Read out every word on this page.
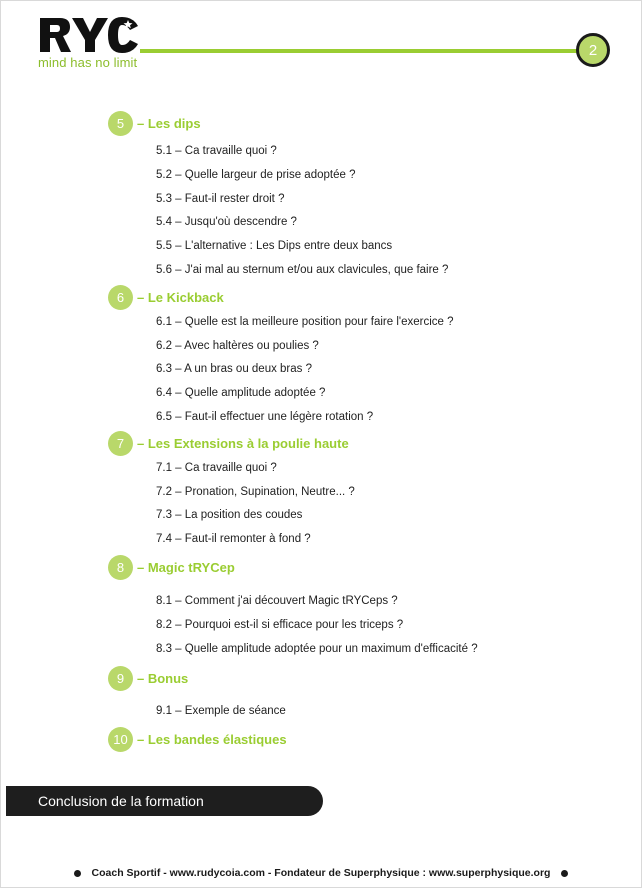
mind has no limit
2
5 – Les dips
5.1 – Ca travaille quoi ?
5.2 – Quelle largeur de prise adoptée ?
5.3 – Faut-il rester droit ?
5.4 – Jusqu'où descendre ?
5.5 – L'alternative : Les Dips entre deux bancs
5.6 – J'ai mal au sternum et/ou aux clavicules, que faire ?
6 – Le Kickback
6.1 – Quelle est la meilleure position pour faire l'exercice ?
6.2 – Avec haltères ou poulies ?
6.3 – A un bras ou deux bras ?
6.4 – Quelle amplitude adoptée ?
6.5 – Faut-il effectuer une légère rotation ?
7 – Les Extensions à la poulie haute
7.1 – Ca travaille quoi ?
7.2 – Pronation, Supination, Neutre... ?
7.3 – La position des coudes
7.4 – Faut-il remonter à fond ?
8 – Magic tRYCep
8.1 – Comment j'ai découvert Magic tRYCeps ?
8.2 – Pourquoi est-il si efficace pour les triceps ?
8.3 – Quelle amplitude adoptée pour un maximum d'efficacité ?
9 – Bonus
9.1 – Exemple de séance
10 – Les bandes élastiques
Conclusion de la formation
Coach Sportif - www.rudycoia.com - Fondateur de Superphysique : www.superphysique.org
